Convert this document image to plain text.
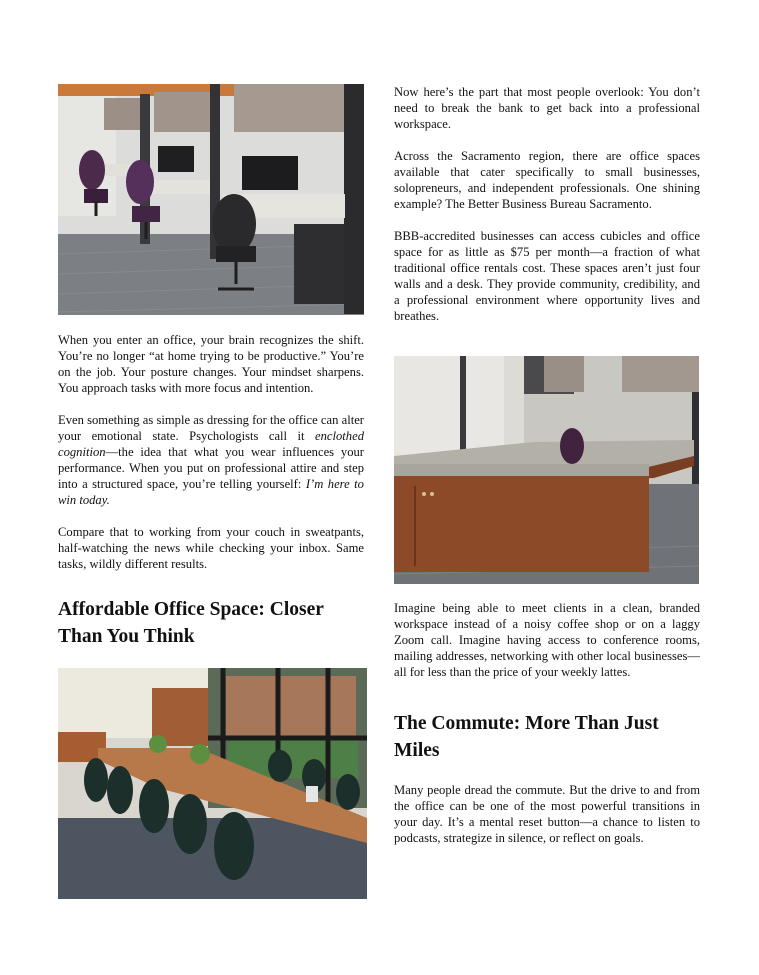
When you enter an office, your brain recognizes the shift. You’re no longer “at home trying to be productive.” You’re on the job. Your posture changes. Your mindset sharpens. You approach tasks with more focus and intention.

Even something as simple as dressing for the office can alter your emotional state. Psychologists call it enclothed cognition—the idea that what you wear influences your performance. When you put on professional attire and step into a structured space, you’re telling yourself: I’m here to win today.

Compare that to working from your couch in sweatpants, half-watching the news while checking your inbox. Same tasks, wildly different results.

Affordable Office Space: Closer Than You Think

Now here’s the part that most people overlook: You don’t need to break the bank to get back into a professional workspace.

Across the Sacramento region, there are office spaces available that cater specifically to small businesses, solopreneurs, and independent professionals. One shining example? The Better Business Bureau Sacramento.

BBB-accredited businesses can access cubicles and office space for as little as $75 per month—a fraction of what traditional office rentals cost. These spaces aren’t just four walls and a desk. They provide community, credibility, and a professional environment where opportunity lives and breathes.

Imagine being able to meet clients in a clean, branded workspace instead of a noisy coffee shop or on a laggy Zoom call. Imagine having access to conference rooms, mailing addresses, networking with other local businesses—all for less than the price of your weekly lattes.

The Commute: More Than Just Miles

Many people dread the commute. But the drive to and from the office can be one of the most powerful transitions in your day. It’s a mental reset button—a chance to listen to podcasts, strategize in silence, or reflect on goals.
